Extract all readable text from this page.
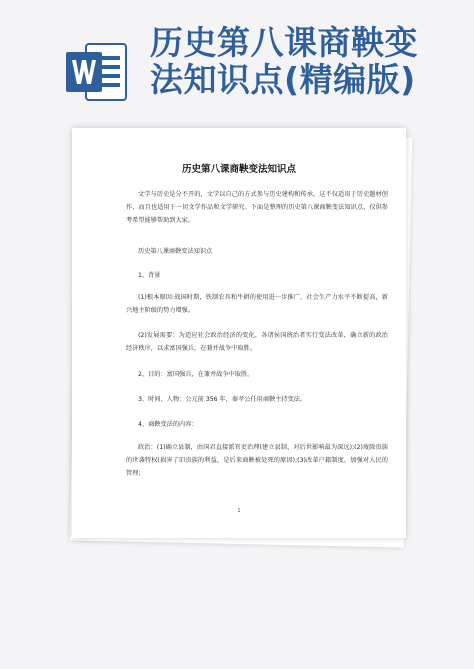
历史第八课商鞅变
法知识点(精编版)
历史第八课商鞅变法知识点
文学与历史是分不开的，文学以自己的方式参与历史建构和传承，这不仅适用于历史题材创作，而且也适用于一切文学作品和文学研究。下面是整理的历史第八课商鞅变法知识点，仅供参考希望能够帮助到大家。
历史第八课商鞅变法知识点
1、背景
(1)根本原因:战国时期，铁制农具和牛耕的使用进一步推广，社会生产力水平不断提高，新兴地主阶级的势力增强。
(2)发展需要：为适应社会政治经济的变化，各诸侯国统治者实行变法改革，确立新的政治经济秩序，以求富国强兵，在兼并战争中取胜。
2、目的：富国强兵，在兼并战争中取胜。
3、时间、人物：公元前 356 年，秦孝公任用商鞅主持变法。
4、商鞅变法的内容：
政治：(1)确立县制，由国君直接派官吏治理(建立县制，对后世影响最为深远);(2)废除贵族的世袭特权(损害了旧贵族的利益，是后来商鞅被处死的原因);(3)改革户籍制度，加强对人民的管理;
1
